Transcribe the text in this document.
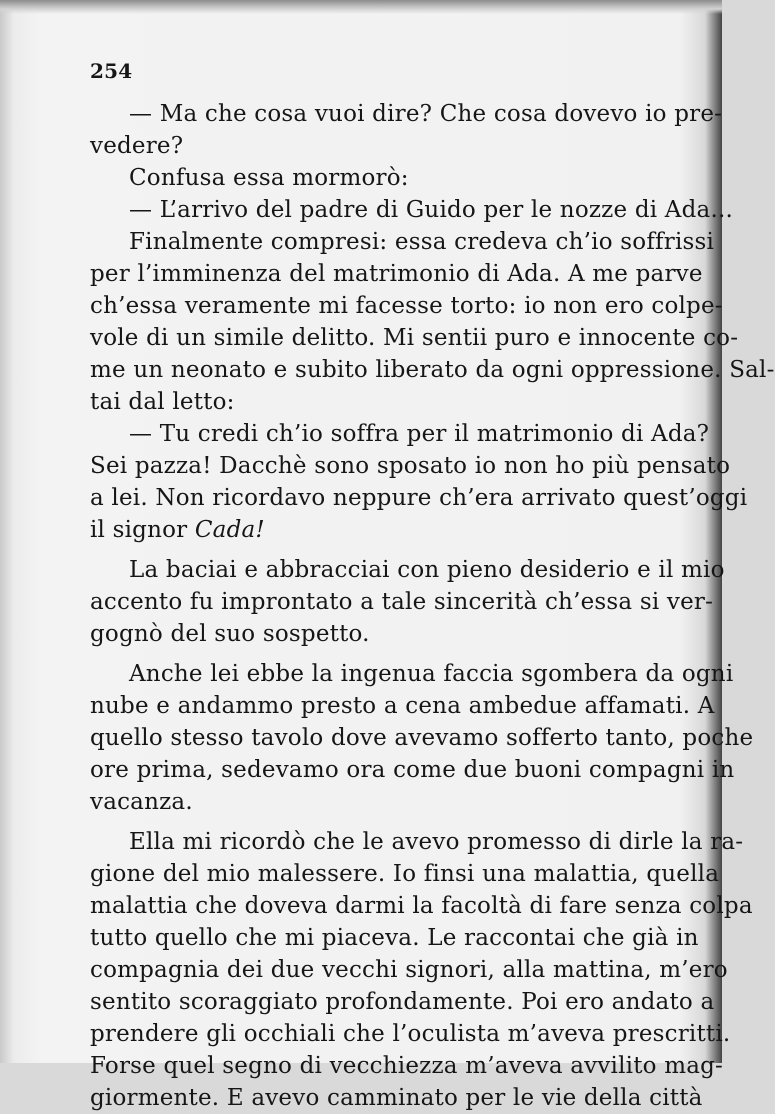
254

— Ma che cosa vuoi dire? Che cosa dovevo io pre-
vedere?

Confusa essa mormorò:

— L’arrivo del padre di Guido per le nozze di Ada...

Finalmente compresi: essa credeva ch’io soffrissi
per l’imminenza del matrimonio di Ada. A me parve
ch’essa veramente mi facesse torto: io non ero colpe-
vole di un simile delitto. Mi sentii puro e innocente co-
me un neonato e subito liberato da ogni oppressione. Sal-
tai dal letto:

— Tu credi ch’io soffra per il matrimonio di Ada?
Sei pazza! Dacchè sono sposato io non ho più pensato
a lei. Non ricordavo neppure ch’era arrivato quest’oggi
il signor Cada!

La baciai e abbracciai con pieno desiderio e il mio
accento fu improntato a tale sincerità ch’essa si ver-
gognò del suo sospetto.

Anche lei ebbe la ingenua faccia sgombera da ogni
nube e andammo presto a cena ambedue affamati. A
quello stesso tavolo dove avevamo sofferto tanto, poche
ore prima, sedevamo ora come due buoni compagni in
vacanza.

Ella mi ricordò che le avevo promesso di dirle la ra-
gione del mio malessere. Io finsi una malattia, quella
malattia che doveva darmi la facoltà di fare senza colpa
tutto quello che mi piaceva. Le raccontai che già in
compagnia dei due vecchi signori, alla mattina, m’ero
sentito scoraggiato profondamente. Poi ero andato a
prendere gli occhiali che l’oculista m’aveva prescritti.
Forse quel segno di vecchiezza m’aveva avvilito mag-
giormente. E avevo camminato per le vie della città
